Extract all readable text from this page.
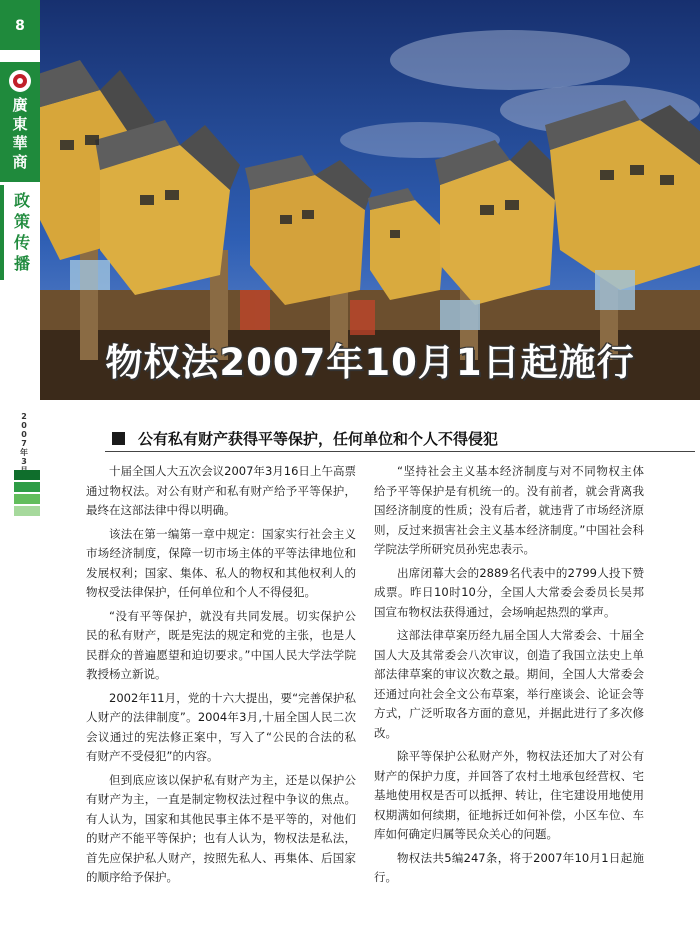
8
廣
東
華
商
政
策
传
播
2
0
0
7
年
3
物权法2007年10月1日起施行
公有私有财产获得平等保护，任何单位和个人不得侵犯

十届全国人大五次会议2007年3月16日上午高票通过物权法。对公有财产和私有财产给予平等保护，最终在这部法律中得以明确。

该法在第一编第一章中规定：国家实行社会主义市场经济制度，保障一切市场主体的平等法律地位和发展权利；国家、集体、私人的物权和其他权利人的物权受法律保护，任何单位和个人不得侵犯。

“没有平等保护，就没有共同发展。切实保护公民的私有财产，既是宪法的规定和党的主张，也是人民群众的普遍愿望和迫切要求。”中国人民大学法学院教授杨立新说。

2002年11月，党的十六大提出，要“完善保护私人财产的法律制度”。2004年3月,十届全国人民二次会议通过的宪法修正案中，写入了“公民的合法的私有财产不受侵犯”的内容。

但到底应该以保护私有财产为主，还是以保护公有财产为主，一直是制定物权法过程中争议的焦点。有人认为，国家和其他民事主体不是平等的，对他们的财产不能平等保护；也有人认为，物权法是私法，首先应保护私人财产，按照先私人、再集体、后国家的顺序给予保护。

“坚持社会主义基本经济制度与对不同物权主体给予平等保护是有机统一的。没有前者，就会背离我国经济制度的性质；没有后者，就违背了市场经济原则，反过来损害社会主义基本经济制度。”中国社会科学院法学所研究员孙宪忠表示。

出席闭幕大会的2889名代表中的2799人投下赞成票。昨日10时10分，全国人大常委会委员长吴邦国宣布物权法获得通过，会场响起热烈的掌声。

这部法律草案历经九届全国人大常委会、十届全国人大及其常委会八次审议，创造了我国立法史上单部法律草案的审议次数之最。期间，全国人大常委会还通过向社会全文公布草案，举行座谈会、论证会等方式，广泛听取各方面的意见，并据此进行了多次修改。

除平等保护公私财产外，物权法还加大了对公有财产的保护力度，并回答了农村土地承包经营权、宅基地使用权是否可以抵押、转让，住宅建设用地使用权期满如何续期，征地拆迁如何补偿，小区车位、车库如何确定归属等民众关心的问题。

物权法共5编247条，将于2007年10月1日起施行。
